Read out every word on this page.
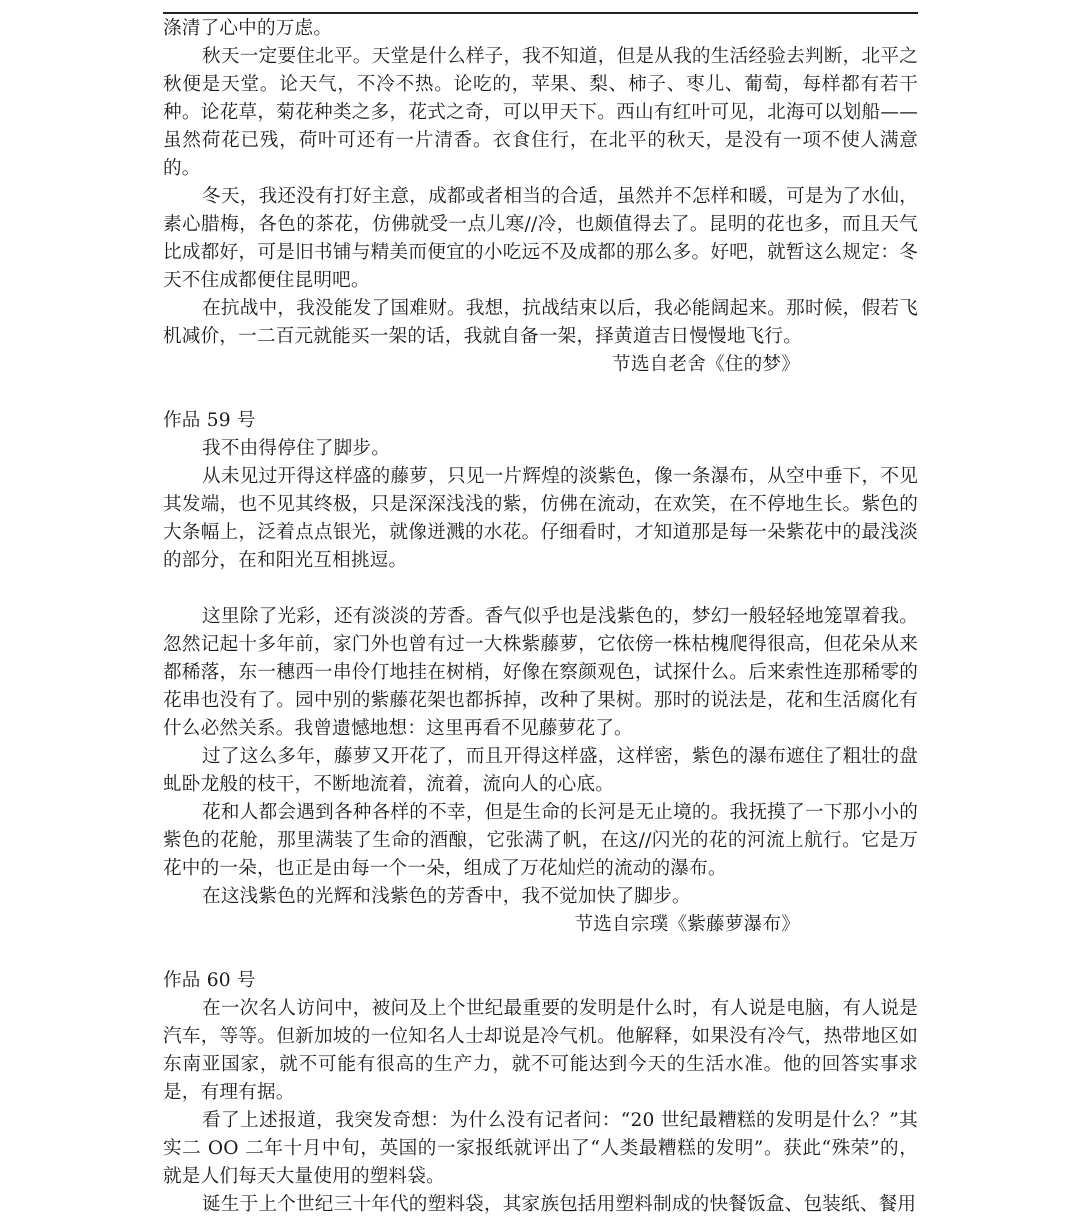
涤清了心中的万虑。

秋天一定要住北平。天堂是什么样子，我不知道，但是从我的生活经验去判断，北平之秋便是天堂。论天气，不冷不热。论吃的，苹果、梨、柿子、枣儿、葡萄，每样都有若干种。论花草，菊花种类之多，花式之奇，可以甲天下。西山有红叶可见，北海可以划船——虽然荷花已残，荷叶可还有一片清香。衣食住行，在北平的秋天，是没有一项不使人满意的。

冬天，我还没有打好主意，成都或者相当的合适，虽然并不怎样和暖，可是为了水仙，素心腊梅，各色的茶花，仿佛就受一点儿寒//冷，也颇值得去了。昆明的花也多，而且天气比成都好，可是旧书铺与精美而便宜的小吃远不及成都的那么多。好吧，就暂这么规定：冬天不住成都便住昆明吧。

在抗战中，我没能发了国难财。我想，抗战结束以后，我必能阔起来。那时候，假若飞机减价，一二百元就能买一架的话，我就自备一架，择黄道吉日慢慢地飞行。

节选自老舍《住的梦》

作品 59 号

我不由得停住了脚步。

从未见过开得这样盛的藤萝，只见一片辉煌的淡紫色，像一条瀑布，从空中垂下，不见其发端，也不见其终极，只是深深浅浅的紫，仿佛在流动，在欢笑，在不停地生长。紫色的大条幅上，泛着点点银光，就像迸溅的水花。仔细看时，才知道那是每一朵紫花中的最浅淡的部分，在和阳光互相挑逗。

这里除了光彩，还有淡淡的芳香。香气似乎也是浅紫色的，梦幻一般轻轻地笼罩着我。忽然记起十多年前，家门外也曾有过一大株紫藤萝，它依傍一株枯槐爬得很高，但花朵从来都稀落，东一穗西一串伶仃地挂在树梢，好像在察颜观色，试探什么。后来索性连那稀零的花串也没有了。园中别的紫藤花架也都拆掉，改种了果树。那时的说法是，花和生活腐化有什么必然关系。我曾遗憾地想：这里再看不见藤萝花了。

过了这么多年，藤萝又开花了，而且开得这样盛，这样密，紫色的瀑布遮住了粗壮的盘虬卧龙般的枝干，不断地流着，流着，流向人的心底。

花和人都会遇到各种各样的不幸，但是生命的长河是无止境的。我抚摸了一下那小小的紫色的花舱，那里满装了生命的酒酿，它张满了帆，在这//闪光的花的河流上航行。它是万花中的一朵，也正是由每一个一朵，组成了万花灿烂的流动的瀑布。

在这浅紫色的光辉和浅紫色的芳香中，我不觉加快了脚步。

节选自宗璞《紫藤萝瀑布》

作品 60 号

在一次名人访问中，被问及上个世纪最重要的发明是什么时，有人说是电脑，有人说是汽车，等等。但新加坡的一位知名人士却说是冷气机。他解释，如果没有冷气，热带地区如东南亚国家，就不可能有很高的生产力，就不可能达到今天的生活水准。他的回答实事求是，有理有据。

看了上述报道，我突发奇想：为什么没有记者问：“20 世纪最糟糕的发明是什么？”其实二 OO 二年十月中旬，英国的一家报纸就评出了“人类最糟糕的发明”。获此“殊荣”的，就是人们每天大量使用的塑料袋。

诞生于上个世纪三十年代的塑料袋，其家族包括用塑料制成的快餐饭盒、包装纸、餐用
